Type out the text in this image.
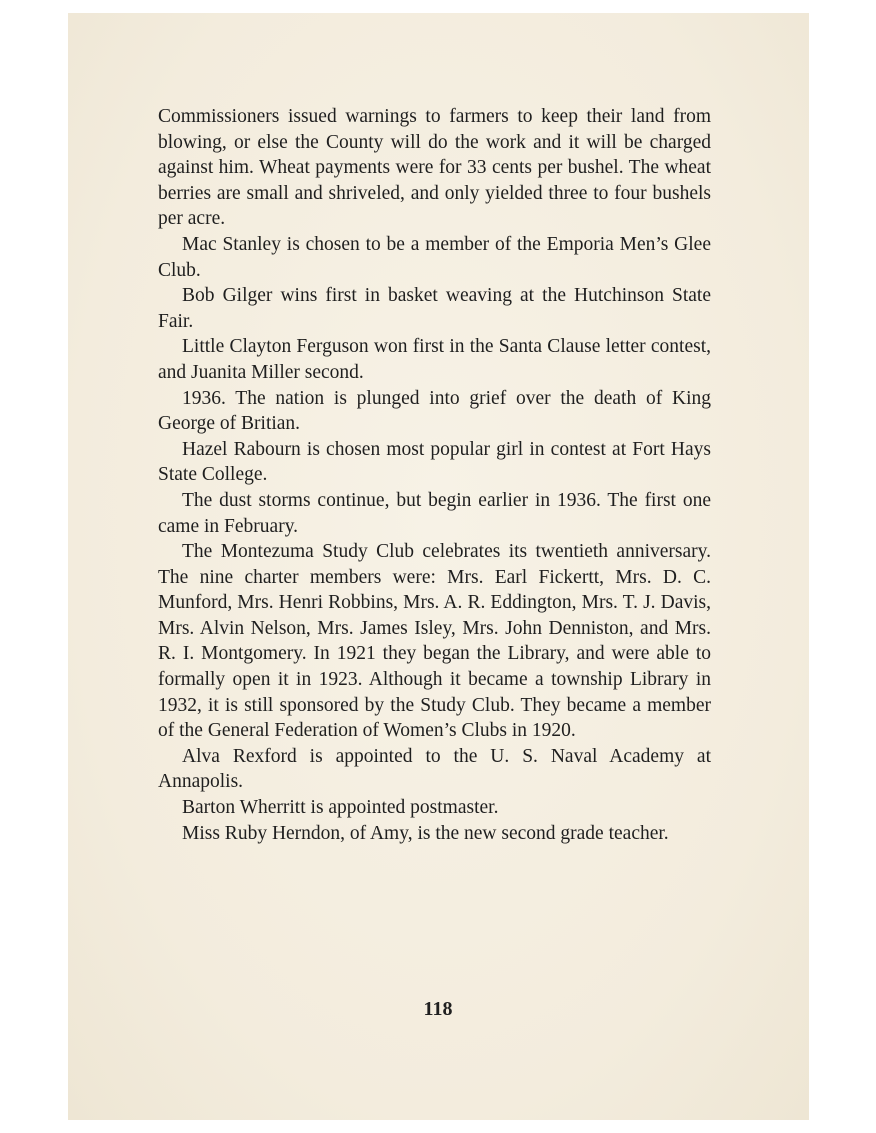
Commissioners issued warnings to farmers to keep their land from blowing, or else the County will do the work and it will be charged against him. Wheat payments were for 33 cents per bushel. The wheat berries are small and shriveled, and only yielded three to four bushels per acre.

Mac Stanley is chosen to be a member of the Emporia Men’s Glee Club.

Bob Gilger wins first in basket weaving at the Hutchinson State Fair.

Little Clayton Ferguson won first in the Santa Clause letter contest, and Juanita Miller second.

1936. The nation is plunged into grief over the death of King George of Britian.

Hazel Rabourn is chosen most popular girl in contest at Fort Hays State College.

The dust storms continue, but begin earlier in 1936. The first one came in February.

The Montezuma Study Club celebrates its twentieth anniversary. The nine charter members were: Mrs. Earl Fickertt, Mrs. D. C. Munford, Mrs. Henri Robbins, Mrs. A. R. Eddington, Mrs. T. J. Davis, Mrs. Alvin Nelson, Mrs. James Isley, Mrs. John Denniston, and Mrs. R. I. Montgomery. In 1921 they began the Library, and were able to formally open it in 1923. Although it became a township Library in 1932, it is still sponsored by the Study Club. They became a member of the General Federation of Women’s Clubs in 1920.

Alva Rexford is appointed to the U. S. Naval Academy at Annapolis.

Barton Wherritt is appointed postmaster.

Miss Ruby Herndon, of Amy, is the new second grade teacher.

118
